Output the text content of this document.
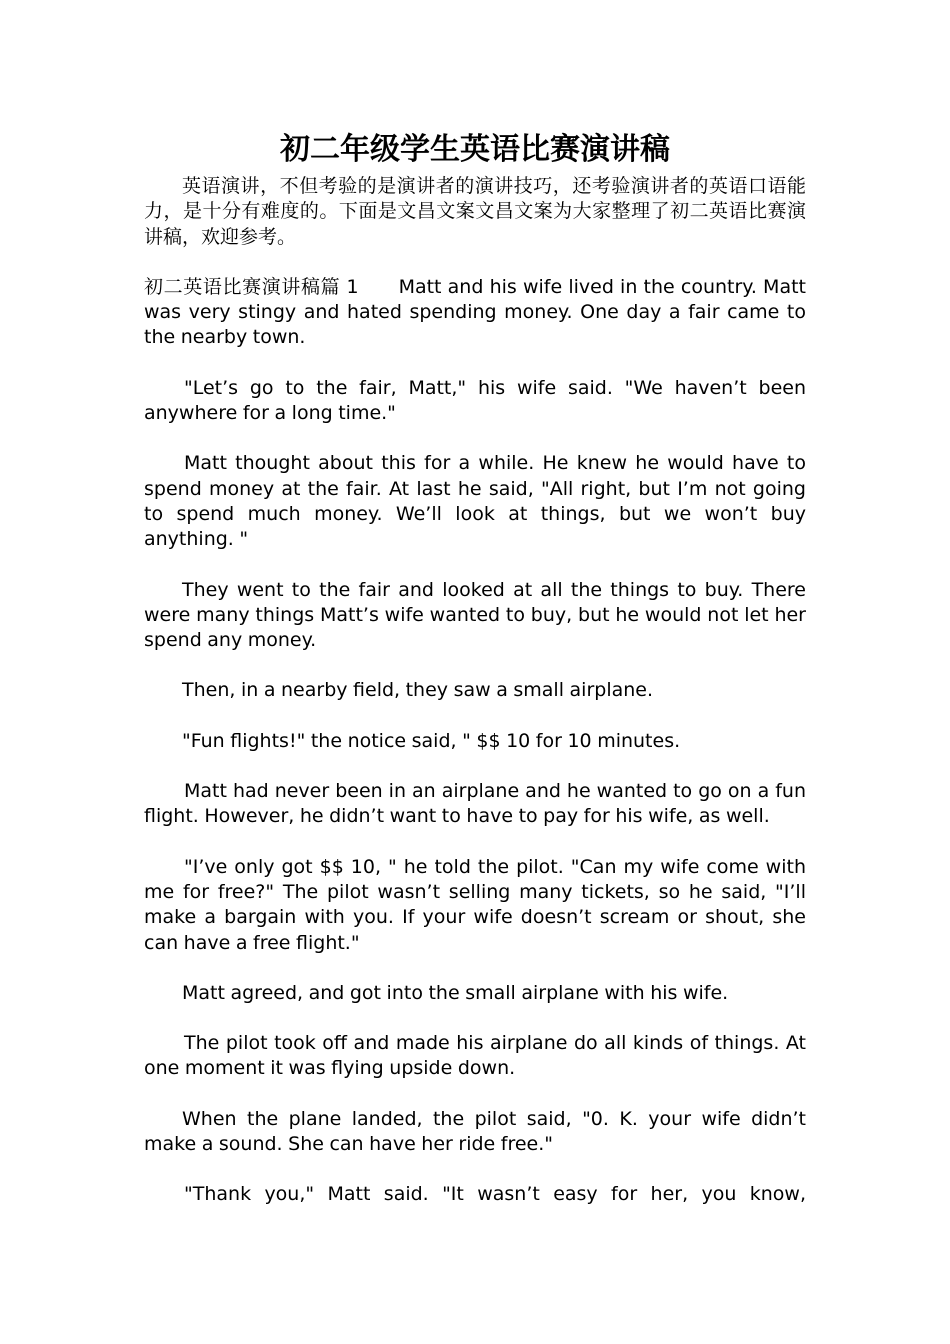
初二年级学生英语比赛演讲稿

英语演讲，不但考验的是演讲者的演讲技巧，还考验演讲者的英语口语能力，是十分有难度的。下面是文昌文案文昌文案为大家整理了初二英语比赛演讲稿，欢迎参考。

初二英语比赛演讲稿篇 1 Matt and his wife lived in the country. Matt was very stingy and hated spending money. One day a fair came to the nearby town.

"Let’s go to the fair, Matt," his wife said. "We haven’t been anywhere for a long time."

Matt thought about this for a while. He knew he would have to spend money at the fair. At last he said, "All right, but I’m not going to spend much money. We’ll look at things, but we won’t buy anything. "

They went to the fair and looked at all the things to buy. There were many things Matt’s wife wanted to buy, but he would not let her spend any money.

Then, in a nearby field, they saw a small airplane.

"Fun flights!" the notice said, " $$ 10 for 10 minutes.

Matt had never been in an airplane and he wanted to go on a fun flight. However, he didn’t want to have to pay for his wife, as well.

"I’ve only got $$ 10, " he told the pilot. "Can my wife come with me for free?" The pilot wasn’t selling many tickets, so he said, "I’ll make a bargain with you. If your wife doesn’t scream or shout, she can have a free flight."

Matt agreed, and got into the small airplane with his wife.

The pilot took off and made his airplane do all kinds of things. At one moment it was flying upside down.

When the plane landed, the pilot said, "0. K. your wife didn’t make a sound. She can have her ride free."

"Thank you," Matt said. "It wasn’t easy for her, you know,
